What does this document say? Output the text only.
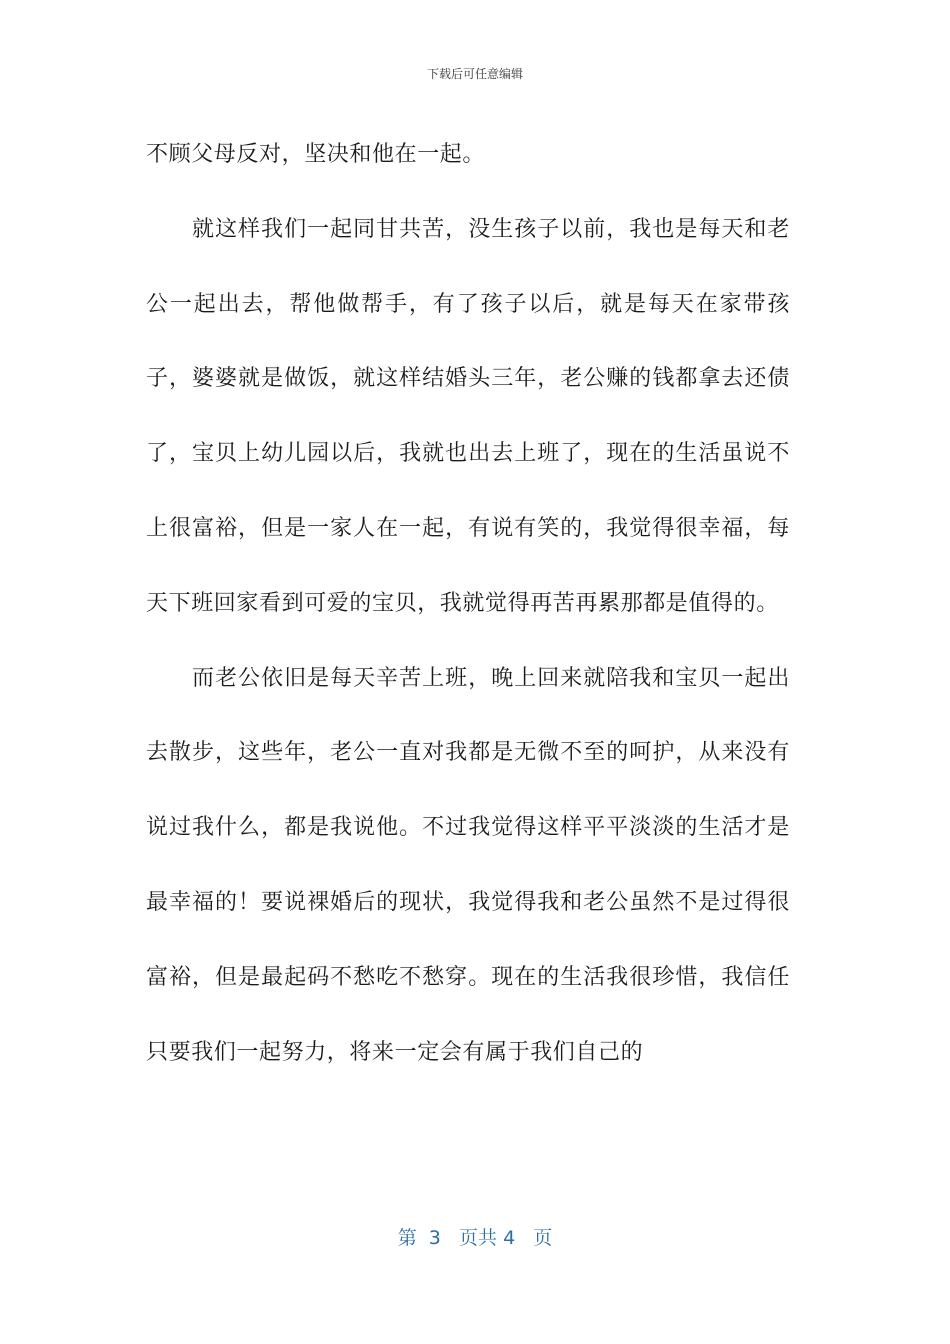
下载后可任意编辑

不顾父母反对，坚决和他在一起。

就这样我们一起同甘共苦，没生孩子以前，我也是每天和老公一起出去，帮他做帮手，有了孩子以后，就是每天在家带孩子，婆婆就是做饭，就这样结婚头三年，老公赚的钱都拿去还债了，宝贝上幼儿园以后，我就也出去上班了，现在的生活虽说不上很富裕，但是一家人在一起，有说有笑的，我觉得很幸福，每天下班回家看到可爱的宝贝，我就觉得再苦再累那都是值得的。

而老公依旧是每天辛苦上班，晚上回来就陪我和宝贝一起出去散步，这些年，老公一直对我都是无微不至的呵护，从来没有说过我什么，都是我说他。不过我觉得这样平平淡淡的生活才是最幸福的！要说裸婚后的现状，我觉得我和老公虽然不是过得很富裕，但是最起码不愁吃不愁穿。现在的生活我很珍惜，我信任只要我们一起努力，将来一定会有属于我们自己的

第 3 页共 4 页
